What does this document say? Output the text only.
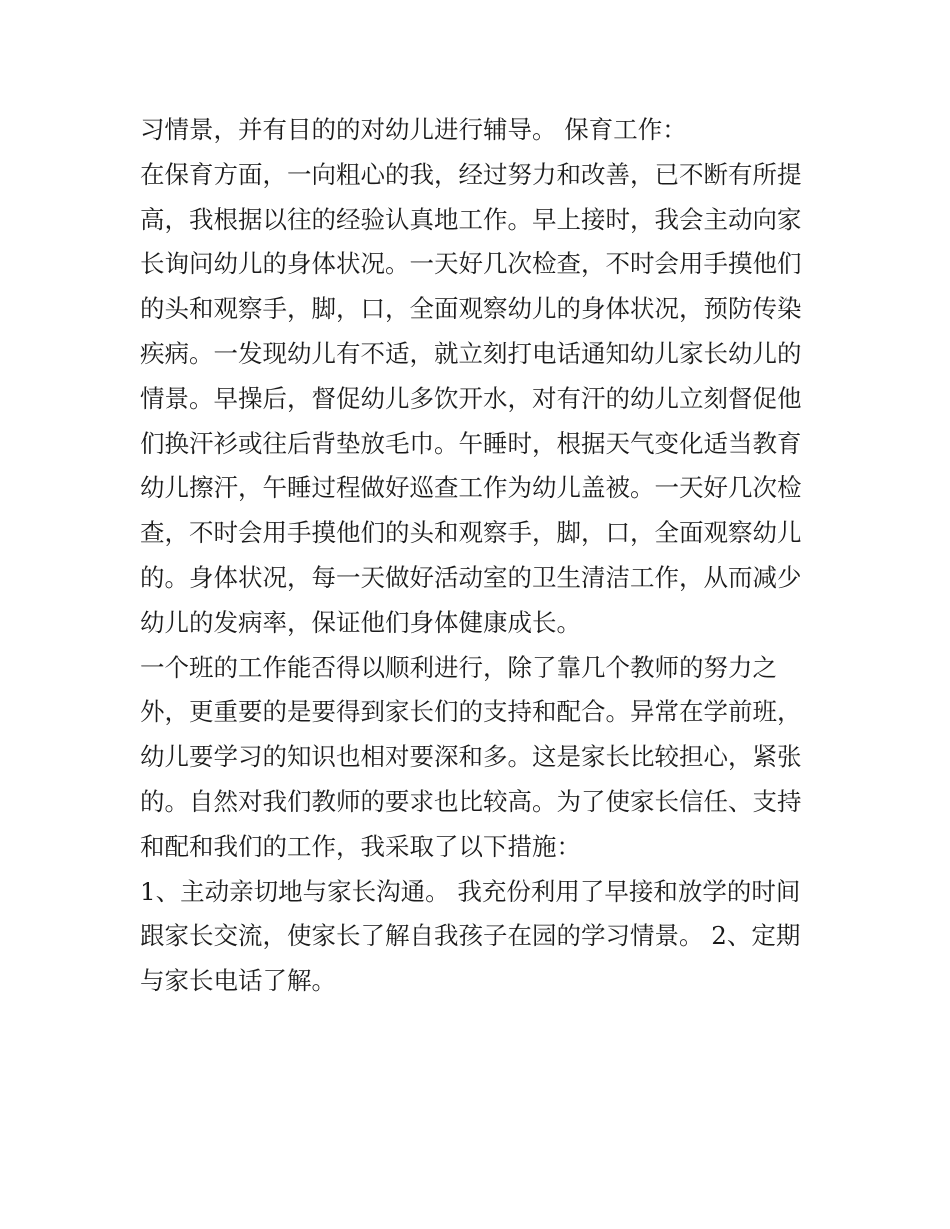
习情景，并有目的的对幼儿进行辅导。 保育工作：
在保育方面，一向粗心的我，经过努力和改善，已不断有所提
高，我根据以往的经验认真地工作。早上接时，我会主动向家
长询问幼儿的身体状况。一天好几次检查，不时会用手摸他们
的头和观察手，脚，口，全面观察幼儿的身体状况，预防传染
疾病。一发现幼儿有不适，就立刻打电话通知幼儿家长幼儿的
情景。早操后，督促幼儿多饮开水，对有汗的幼儿立刻督促他
们换汗衫或往后背垫放毛巾。午睡时，根据天气变化适当教育
幼儿擦汗，午睡过程做好巡查工作为幼儿盖被。一天好几次检
查，不时会用手摸他们的头和观察手，脚，口，全面观察幼儿
的。身体状况，每一天做好活动室的卫生清洁工作，从而减少
幼儿的发病率，保证他们身体健康成长。
一个班的工作能否得以顺利进行，除了靠几个教师的努力之
外，更重要的是要得到家长们的支持和配合。异常在学前班，
幼儿要学习的知识也相对要深和多。这是家长比较担心，紧张
的。自然对我们教师的要求也比较高。为了使家长信任、支持
和配和我们的工作，我采取了以下措施：
1、主动亲切地与家长沟通。 我充份利用了早接和放学的时间
跟家长交流，使家长了解自我孩子在园的学习情景。 2、定期
与家长电话了解。
